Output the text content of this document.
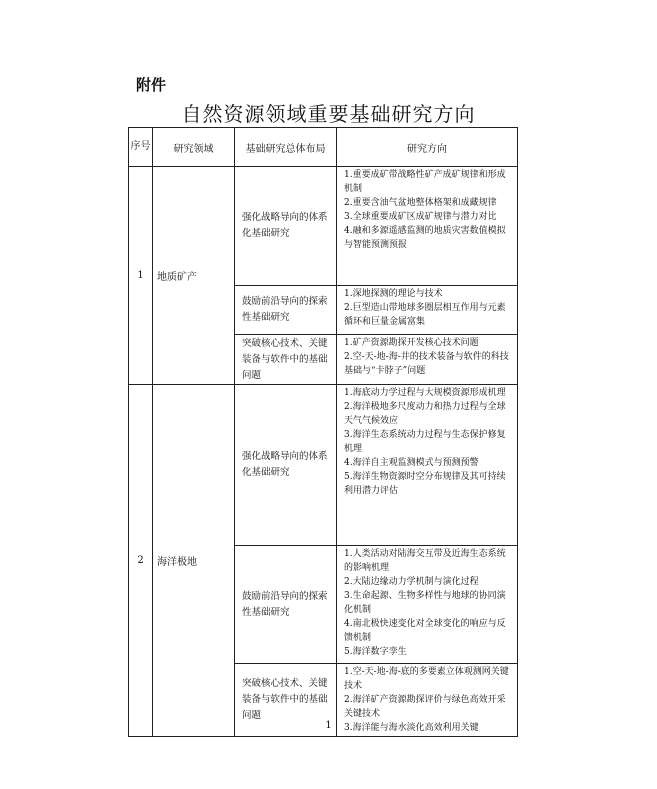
附件
自然资源领域重要基础研究方向
序号	研究领域	基础研究总体布局	研究方向
1	地质矿产	强化战略导向的体系化基础研究	1.重要成矿带战略性矿产成矿规律和形成机制
2.重要含油气盆地整体格架和成藏规律
3.全球重要成矿区成矿规律与潜力对比
4.融和多源遥感监测的地质灾害数值模拟与智能预测预报

		鼓励前沿导向的探索性基础研究	1.深地探测的理论与技术
2.巨型造山带地球多圈层相互作用与元素循环和巨量金属富集

		突破核心技术、关键装备与软件中的基础问题	1.矿产资源勘探开发核心技术问题
2.空-天-地-海-井的技术装备与软件的科技基础与“卡脖子”问题

2	海洋极地	强化战略导向的体系化基础研究	1.海底动力学过程与大规模资源形成机理
2.海洋极地多尺度动力和热力过程与全球天气气候效应
3.海洋生态系统动力过程与生态保护修复机理
4.海洋自主观监测模式与预测预警
5.海洋生物资源时空分布规律及其可持续利用潜力评估

		鼓励前沿导向的探索性基础研究	1.人类活动对陆海交互带及近海生态系统的影响机理
2.大陆边缘动力学机制与演化过程
3.生命起源、生物多样性与地球的协同演化机制
4.南北极快速变化对全球变化的响应与反馈机制
5.海洋数字孪生

		突破核心技术、关键装备与软件中的基础问题	1.空-天-地-海-底的多要素立体观测网关键技术
2.海洋矿产资源勘探评价与绿色高效开采关键技术
3.海洋能与海水淡化高效利用关键
1
